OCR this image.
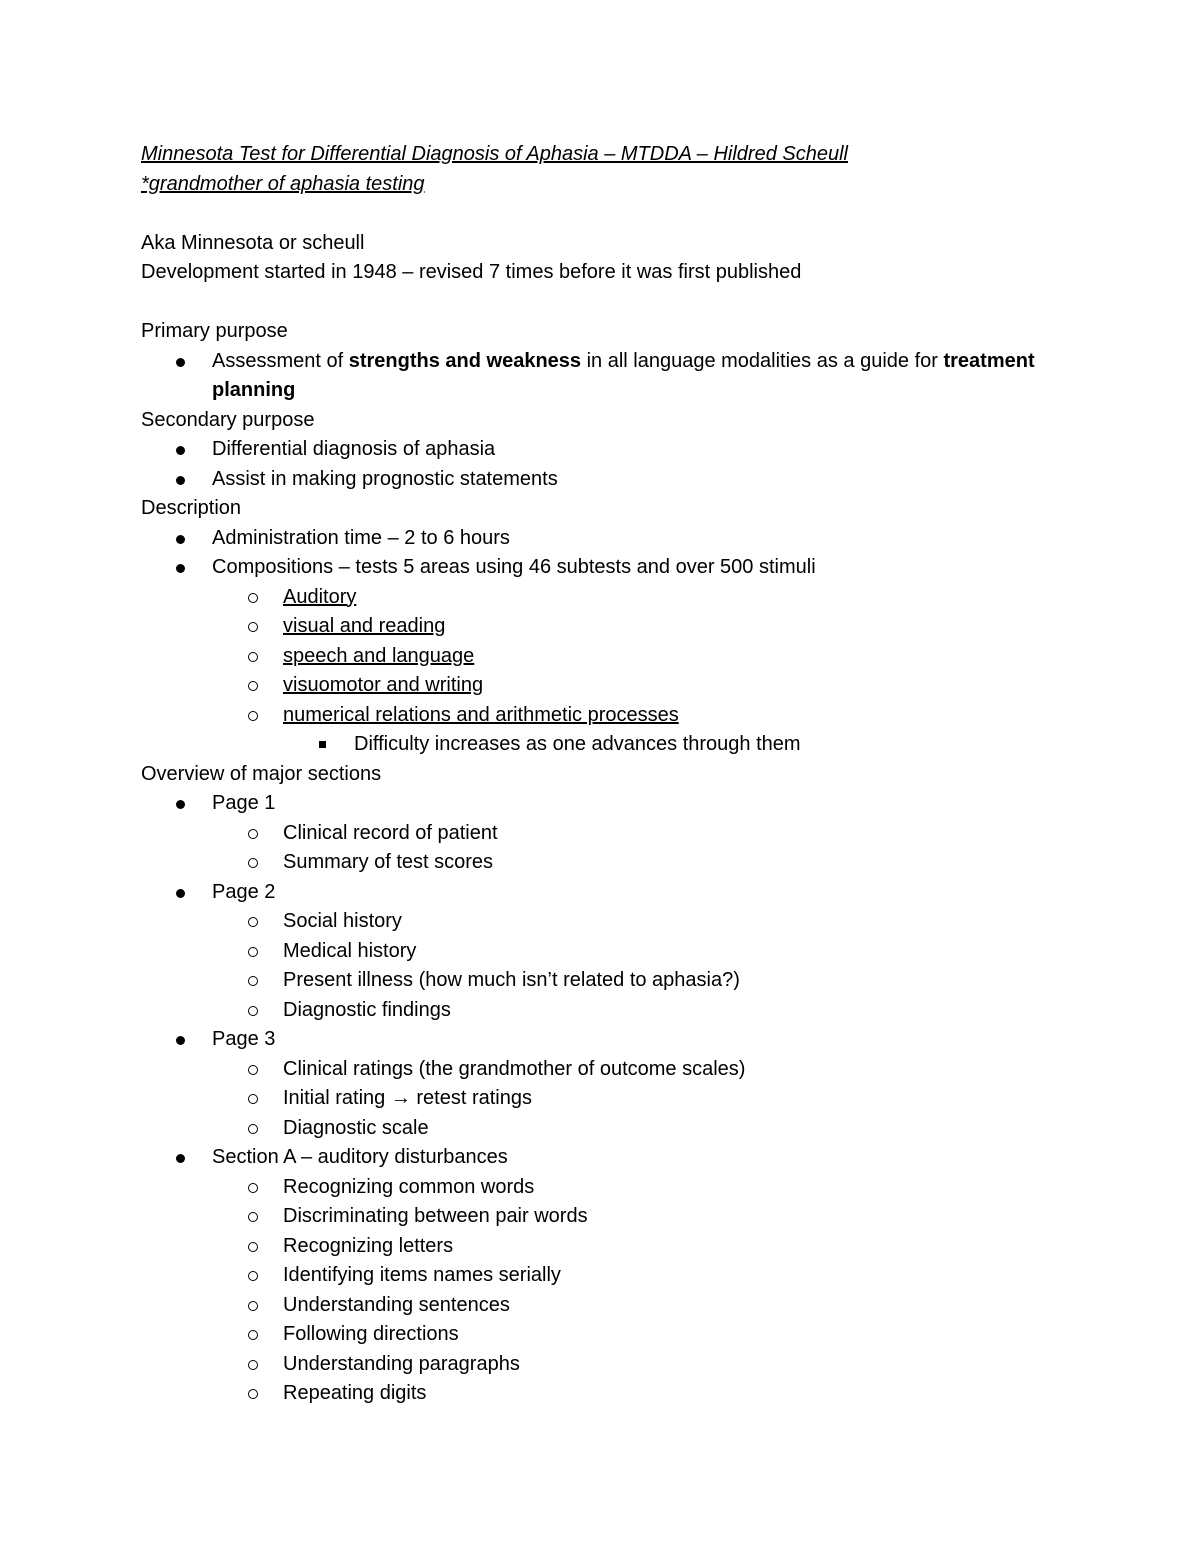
Minnesota Test for Differential Diagnosis of Aphasia – MTDDA – Hildred Scheull
*grandmother of aphasia testing

Aka Minnesota or scheull

Development started in 1948 – revised 7 times before it was first published

Primary purpose

Assessment of strengths and weakness in all language modalities as a guide for treatment planning

Secondary purpose

Differential diagnosis of aphasia
Assist in making prognostic statements

Description

Administration time – 2 to 6 hours
Compositions – tests 5 areas using 46 subtests and over 500 stimuli
Auditory
visual and reading
speech and language
visuomotor and writing
numerical relations and arithmetic processes
Difficulty increases as one advances through them

Overview of major sections

Page 1
Clinical record of patient
Summary of test scores
Page 2
Social history
Medical history
Present illness (how much isn’t related to aphasia?)
Diagnostic findings
Page 3
Clinical ratings (the grandmother of outcome scales)
Initial rating → retest ratings
Diagnostic scale
Section A – auditory disturbances
Recognizing common words
Discriminating between pair words
Recognizing letters
Identifying items names serially
Understanding sentences
Following directions
Understanding paragraphs
Repeating digits
